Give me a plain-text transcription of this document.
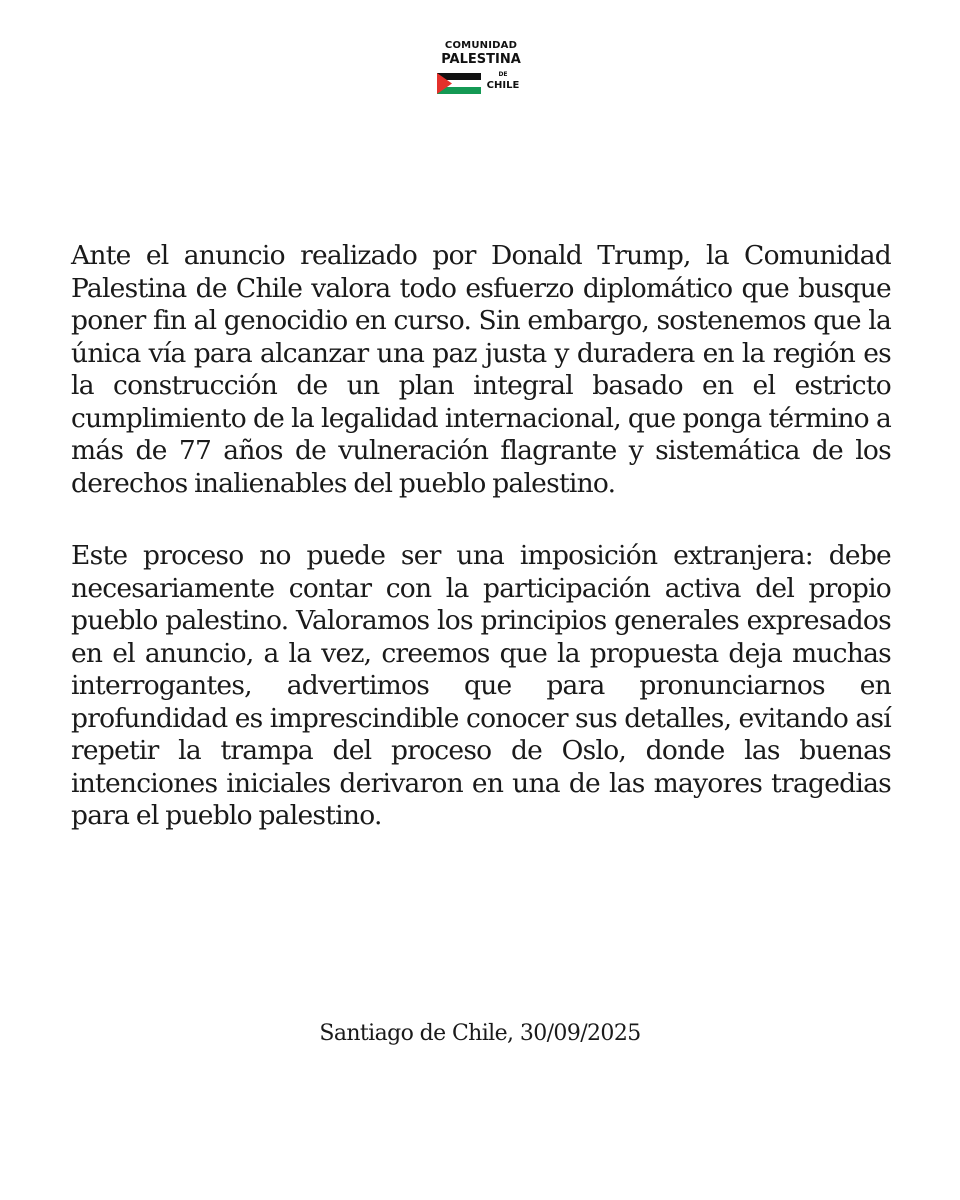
COMUNIDAD
PALESTINA
DE
CHILE

Ante el anuncio realizado por Donald Trump, la Comunidad Palestina de Chile valora todo esfuerzo diplomático que busque poner fin al genocidio en curso. Sin embargo, sostenemos que la única vía para alcanzar una paz justa y duradera en la región es la construcción de un plan integral basado en el estricto cumplimiento de la legalidad internacional, que ponga término a más de 77 años de vulneración flagrante y sistemática de los derechos inalienables del pueblo palestino.

Este proceso no puede ser una imposición extranjera: debe necesariamente contar con la participación activa del propio pueblo palestino. Valoramos los principios generales expresados en el anuncio, a la vez, creemos que la propuesta deja muchas interrogantes, advertimos que para pronunciarnos en profundidad es imprescindible conocer sus detalles, evitando así repetir la trampa del proceso de Oslo, donde las buenas intenciones iniciales derivaron en una de las mayores tragedias para el pueblo palestino.

Santiago de Chile, 30/09/2025
